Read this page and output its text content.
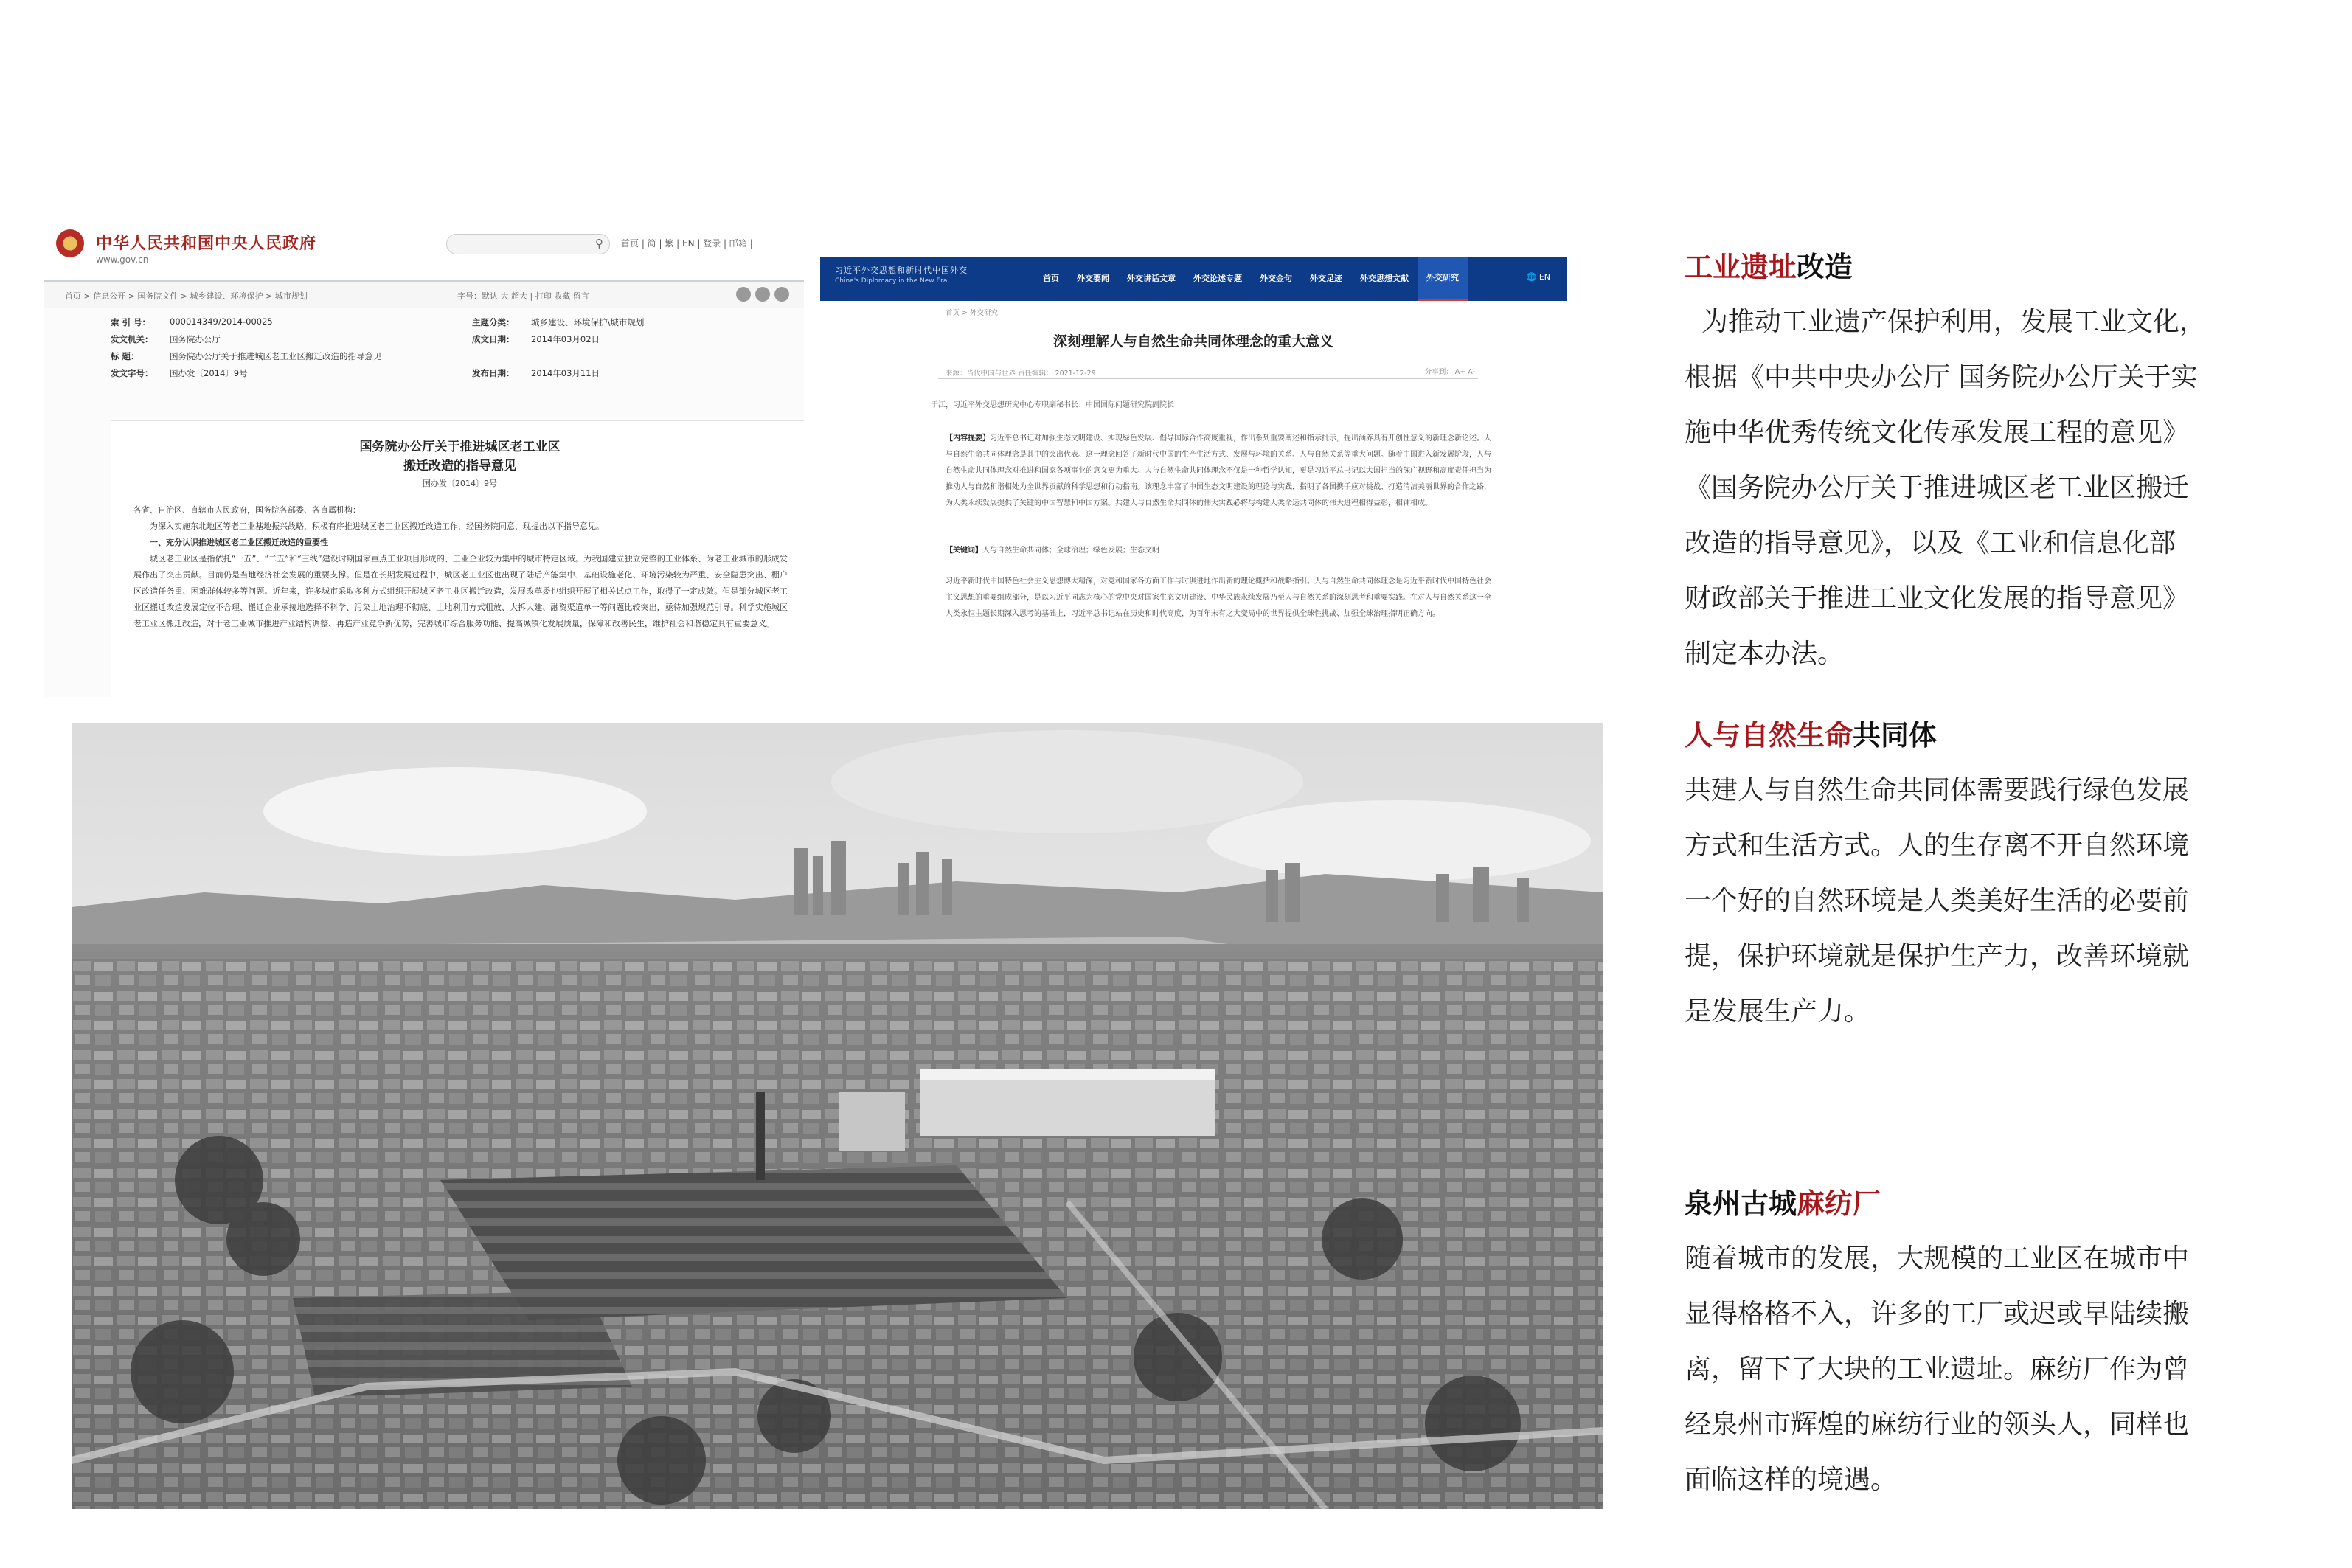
中华人民共和国中央人民政府
www.gov.cn
⚲ 首页 | 简 | 繁 | EN | 登录 | 邮箱 |
首页 > 信息公开 > 国务院文件 > 城乡建设、环境保护 > 城市规划	字号：默认 大 超大 | 打印 收藏 留言
索 引 号： 000014349/2014-00025	主题分类： 城乡建设、环境保护\城市规划
发文机关： 国务院办公厅	成文日期： 2014年03月02日
标 题：	国务院办公厅关于推进城区老工业区搬迁改造的指导意见
发文字号： 国办发〔2014〕9号	发布日期： 2014年03月11日
国务院办公厅关于推进城区老工业区
搬迁改造的指导意见
国办发〔2014〕9号

各省、自治区、直辖市人民政府，国务院各部委、各直属机构：

为深入实施东北地区等老工业基地振兴战略，积极有序推进城区老工业区搬迁改造工作，经国务院同意，现提出以下指导意见。

一、充分认识推进城区老工业区搬迁改造的重要性

城区老工业区是指依托“一五”、“二五”和“三线”建设时期国家重点工业项目形成的、工业企业较为集中的城市特定区域。为我国建立独立完整的工业体系、为老工业城市的形成发展作出了突出贡献。目前仍是当地经济社会发展的重要支撑。但是在长期发展过程中，城区老工业区也出现了陆后产能集中、基础设施老化、环境污染较为严重、安全隐患突出、棚户区改造任务重、困难群体较多等问题。近年来，许多城市采取多种方式组织开展城区老工业区搬迁改造，发展改革委也组织开展了相关试点工作，取得了一定成效。但是部分城区老工业区搬迁改造发展定位不合理、搬迁企业承接地选择不科学、污染土地治理不彻底、土地利用方式粗放、大拆大建、融资渠道单一等问题比较突出，亟待加强规范引导。科学实施城区老工业区搬迁改造，对于老工业城市推进产业结构调整、再造产业竞争新优势，完善城市综合服务功能、提高城镇化发展质量，保障和改善民生，维护社会和谐稳定具有重要意义。

习近平外交思想和新时代中国外交
China's Diplomacy in the New Era	首页	外交要闻	外交讲话文章	外交论述专题	外交金句	外交足迹	外交思想文献	外交研究	🌐 EN
首页 > 外交研究
深刻理解人与自然生命共同体理念的重大意义
来源：当代中国与世界 责任编辑： 2021-12-29	分享到： A+ A-
于江，习近平外交思想研究中心专职副秘书长、中国国际问题研究院副院长
【内容提要】习近平总书记对加强生态文明建设、实现绿色发展、倡导国际合作高度重视，作出系列重要阐述和指示批示，提出涵养具有开创性意义的新理念新论述。人与自然生命共同体理念是其中的突出代表。这一理念回答了新时代中国的生产生活方式、发展与环境的关系、人与自然关系等重大问题。随着中国进入新发展阶段，人与自然生命共同体理念对推进和国家各项事业的意义更为重大。人与自然生命共同体理念不仅是一种哲学认知，更是习近平总书记以大国担当的深广视野和高度责任担当为推动人与自然和谐相处为全世界贡献的科学思想和行动指南。该理念丰富了中国生态文明建设的理论与实践，指明了各国携手应对挑战、打造清洁美丽世界的合作之路，为人类永续发展提供了关键的中国智慧和中国方案。共建人与自然生命共同体的伟大实践必将与构建人类命运共同体的伟大进程相得益彰，相辅相成。
【关键词】人与自然生命共同体；全球治理；绿色发展；生态文明
习近平新时代中国特色社会主义思想博大精深，对党和国家各方面工作与时俱进地作出新的理论概括和战略指引。人与自然生命共同体理念是习近平新时代中国特色社会主义思想的重要组成部分，是以习近平同志为核心的党中央对国家生态文明建设、中华民族永续发展乃至人与自然关系的深刻思考和重要实践。在对人与自然关系这一全人类永恒主题长期深入思考的基础上，习近平总书记站在历史和时代高度，为百年未有之大变局中的世界提供全球性挑战、加强全球治理指明正确方向。
工业遗址改造
为推动工业遗产保护利用，发展工业文化，
根据《中共中央办公厅 国务院办公厅关于实
施中华优秀传统文化传承发展工程的意见》
《国务院办公厅关于推进城区老工业区搬迁
改造的指导意见》，以及《工业和信息化部
财政部关于推进工业文化发展的指导意见》
制定本办法。
人与自然生命共同体
共建人与自然生命共同体需要践行绿色发展
方式和生活方式。人的生存离不开自然环境
一个好的自然环境是人类美好生活的必要前
提，保护环境就是保护生产力，改善环境就
是发展生产力。
泉州古城麻纺厂
随着城市的发展，大规模的工业区在城市中
显得格格不入，许多的工厂或迟或早陆续搬
离，留下了大块的工业遗址。麻纺厂作为曾
经泉州市辉煌的麻纺行业的领头人，同样也
面临这样的境遇。
